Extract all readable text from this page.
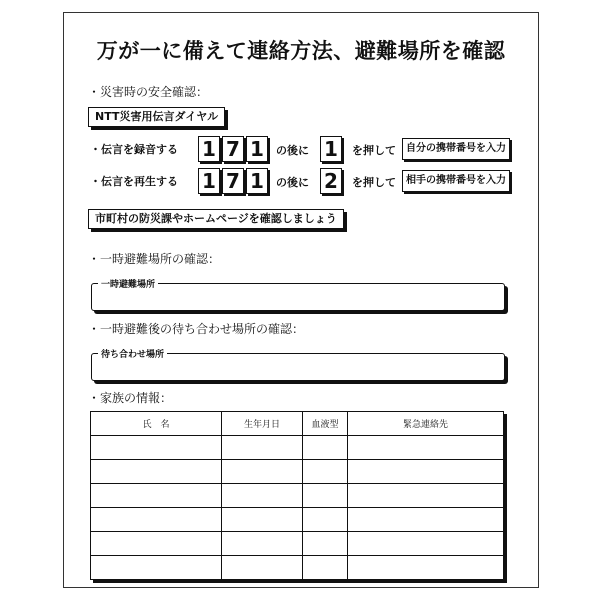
万が一に備えて連絡方法、避難場所を確認
・災害時の安全確認：
NTT災害用伝言ダイヤル
・伝言を録音する 1 7 1	の後に 1	を押して	自分の携帯番号を入力
・伝言を再生する 1 7 1	の後に 2	を押して	相手の携帯番号を入力
市町村の防災課やホームページを確認しましょう
・一時避難場所の確認：
一時避難場所
・一時避難後の待ち合わせ場所の確認：
待ち合わせ場所
・家族の情報：
氏　名	生年月日	血液型	緊急連絡先
